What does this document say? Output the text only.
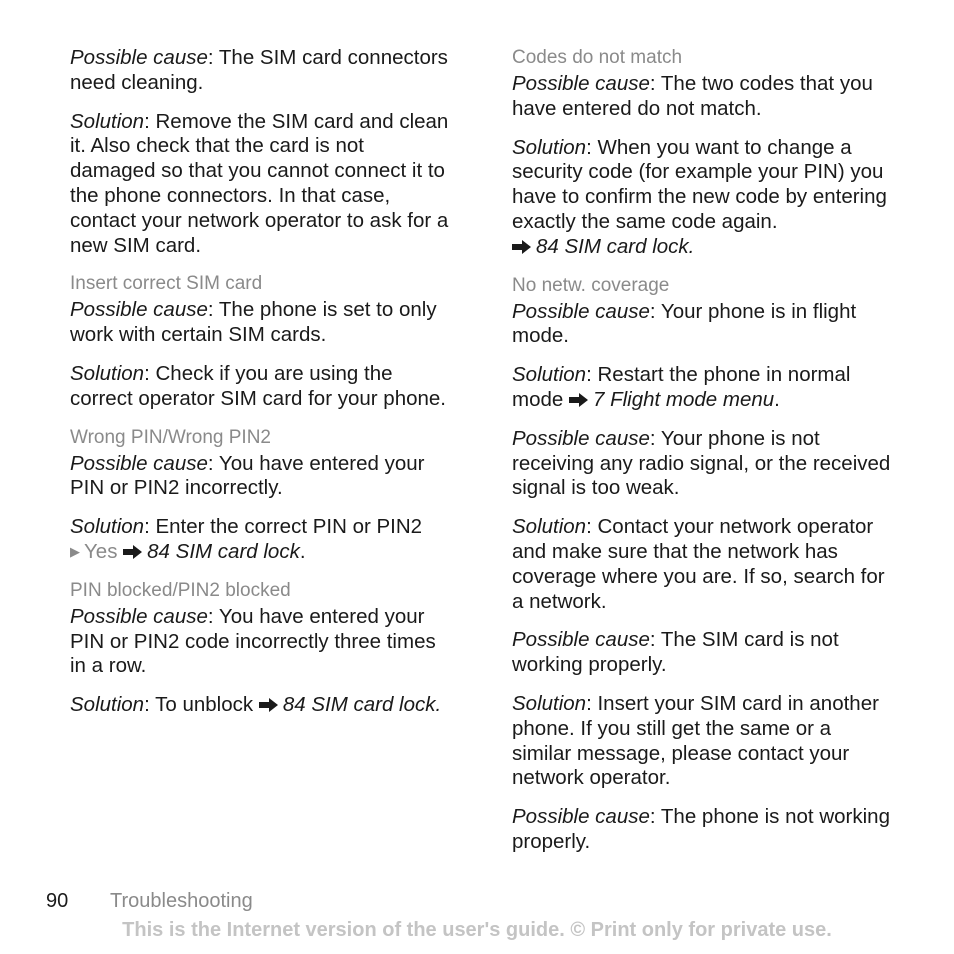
Possible cause: The SIM card connectors need cleaning.

Solution: Remove the SIM card and clean it. Also check that the card is not damaged so that you cannot connect it to the phone connectors. In that case, contact your network operator to ask for a new SIM card.

Insert correct SIM card

Possible cause: The phone is set to only work with certain SIM cards.

Solution: Check if you are using the correct operator SIM card for your phone.

Wrong PIN/Wrong PIN2

Possible cause: You have entered your PIN or PIN2 incorrectly.

Solution: Enter the correct PIN or PIN2
▶ Yes 84 SIM card lock.

PIN blocked/PIN2 blocked

Possible cause: You have entered your PIN or PIN2 code incorrectly three times in a row.

Solution: To unblock 84 SIM card lock.

Codes do not match

Possible cause: The two codes that you have entered do not match.

Solution: When you want to change a security code (for example your PIN) you have to confirm the new code by entering exactly the same code again.
84 SIM card lock.

No netw. coverage

Possible cause: Your phone is in flight mode.

Solution: Restart the phone in normal mode 7 Flight mode menu.

Possible cause: Your phone is not receiving any radio signal, or the received signal is too weak.

Solution: Contact your network operator and make sure that the network has coverage where you are. If so, search for a network.

Possible cause: The SIM card is not working properly.

Solution: Insert your SIM card in another phone. If you still get the same or a similar message, please contact your network operator.

Possible cause: The phone is not working properly.

90 Troubleshooting
This is the Internet version of the user's guide. © Print only for private use.
